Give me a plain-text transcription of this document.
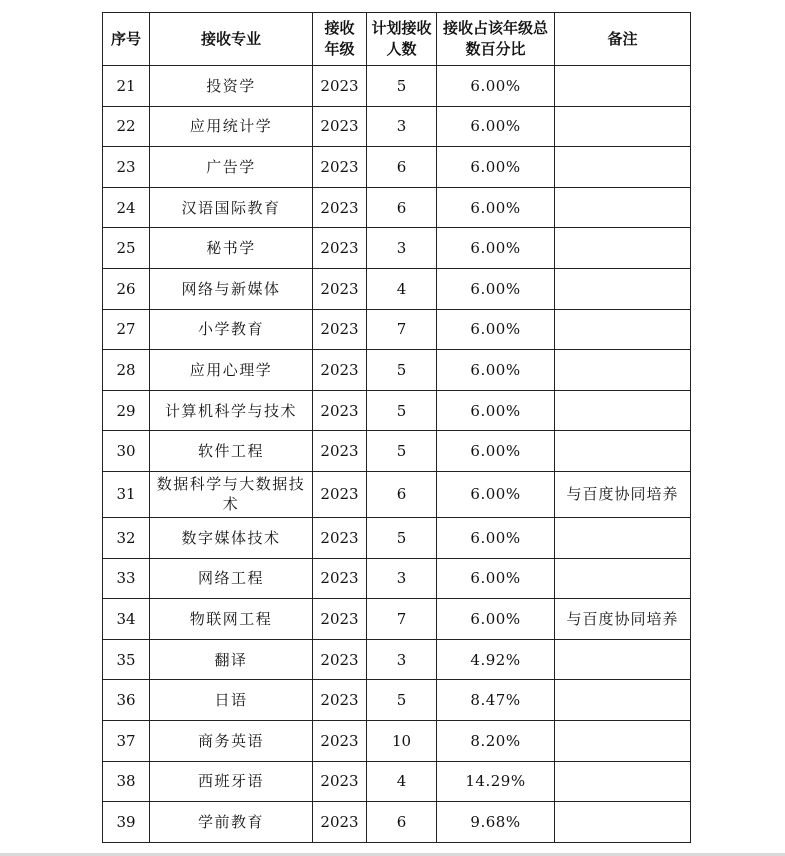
序号	接收专业	接收年级	计划接收人数	接收占该年级总数百分比	备注
21	投资学	2023	5	6.00%	
22	应用统计学	2023	3	6.00%	
23	广告学	2023	6	6.00%	
24	汉语国际教育	2023	6	6.00%	
25	秘书学	2023	3	6.00%	
26	网络与新媒体	2023	4	6.00%	
27	小学教育	2023	7	6.00%	
28	应用心理学	2023	5	6.00%	
29	计算机科学与技术	2023	5	6.00%	
30	软件工程	2023	5	6.00%	
31	数据科学与大数据技术	2023	6	6.00%	与百度协同培养
32	数字媒体技术	2023	5	6.00%	
33	网络工程	2023	3	6.00%	
34	物联网工程	2023	7	6.00%	与百度协同培养
35	翻译	2023	3	4.92%	
36	日语	2023	5	8.47%	
37	商务英语	2023	10	8.20%	
38	西班牙语	2023	4	14.29%	
39	学前教育	2023	6	9.68%	
